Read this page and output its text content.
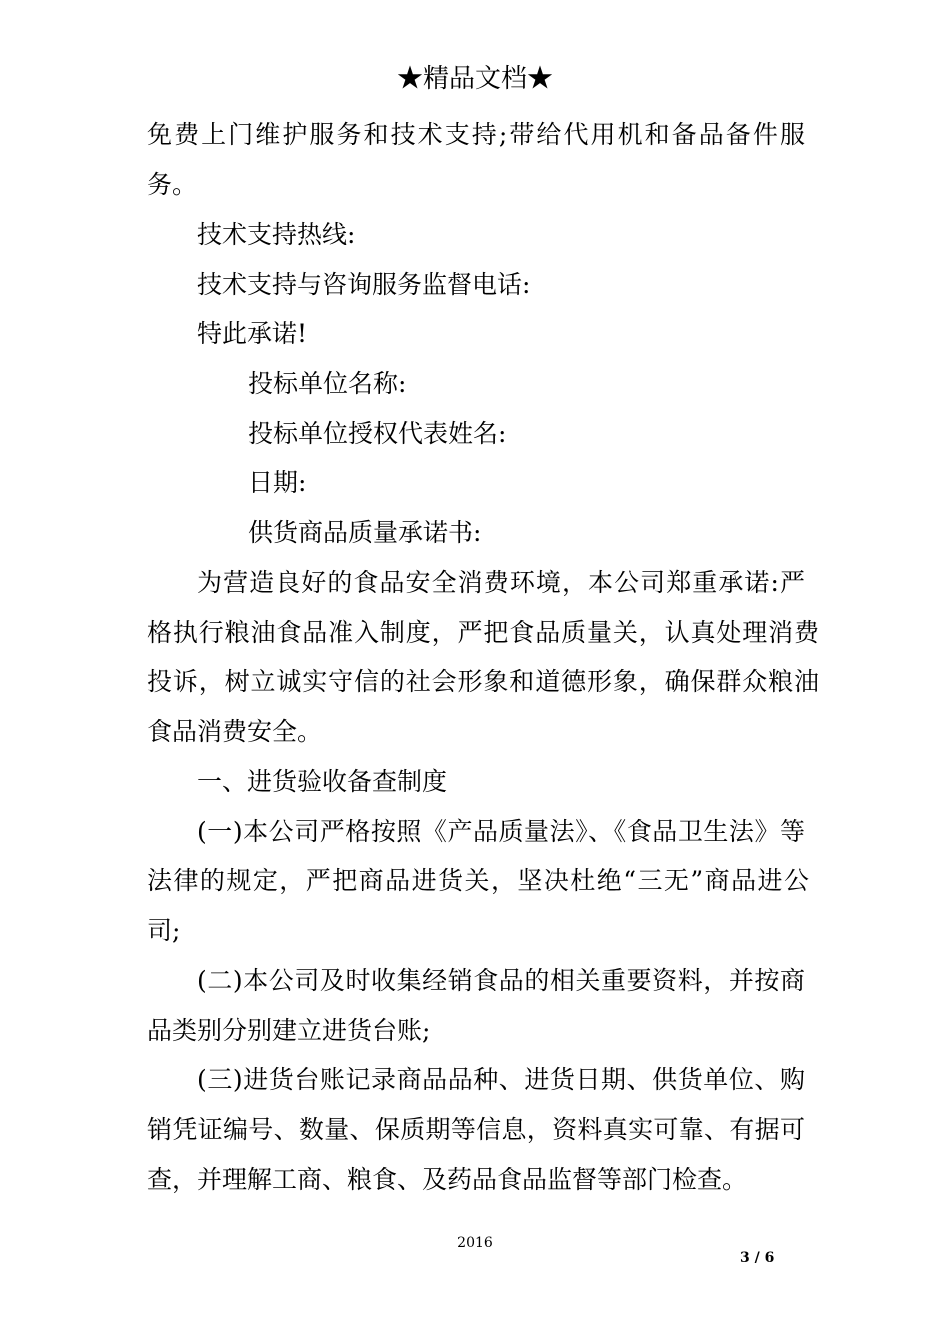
★精品文档★
免费上门维护服务和技术支持;带给代用机和备品备件服
务。
技术支持热线:
技术支持与咨询服务监督电话:
特此承诺!
投标单位名称:
投标单位授权代表姓名:
日期:
供货商品质量承诺书:
为营造良好的食品安全消费环境，本公司郑重承诺:严
格执行粮油食品准入制度，严把食品质量关，认真处理消费
投诉，树立诚实守信的社会形象和道德形象，确保群众粮油
食品消费安全。
一、进货验收备查制度
(一)本公司严格按照《产品质量法》、《食品卫生法》等
法律的规定，严把商品进货关，坚决杜绝“三无”商品进公
司;
(二)本公司及时收集经销食品的相关重要资料，并按商
品类别分别建立进货台账;
(三)进货台账记录商品品种、进货日期、供货单位、购
销凭证编号、数量、保质期等信息，资料真实可靠、有据可
查，并理解工商、粮食、及药品食品监督等部门检查。
2016
3 / 6
